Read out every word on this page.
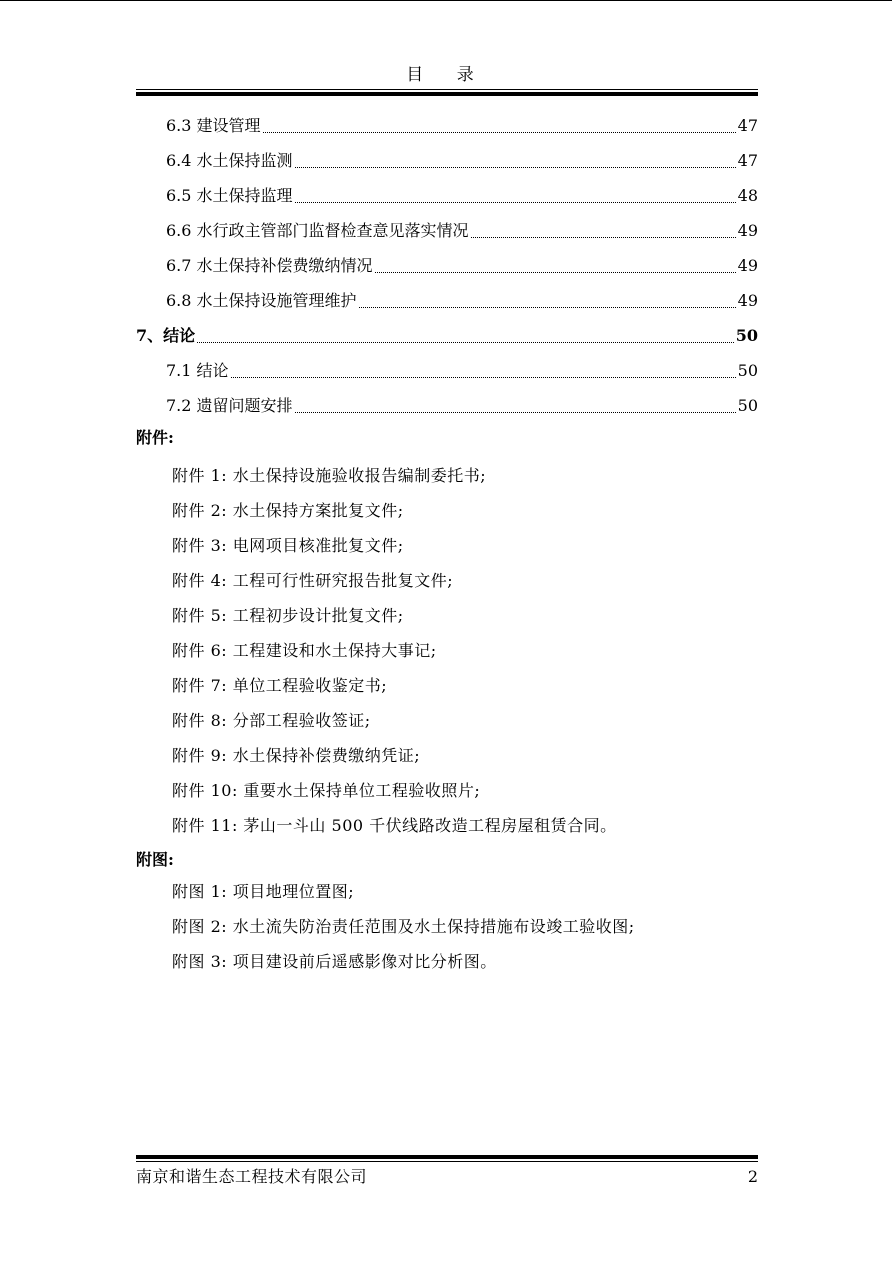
目 录
6.3 建设管理	47
6.4 水土保持监测	47
6.5 水土保持监理	48
6.6 水行政主管部门监督检查意见落实情况	49
6.7 水土保持补偿费缴纳情况	49
6.8 水土保持设施管理维护	49
7、结论	50
7.1 结论	50
7.2 遗留问题安排	50
附件:
附件 1: 水土保持设施验收报告编制委托书;
附件 2: 水土保持方案批复文件;
附件 3: 电网项目核准批复文件;
附件 4: 工程可行性研究报告批复文件;
附件 5: 工程初步设计批复文件;
附件 6: 工程建设和水土保持大事记;
附件 7: 单位工程验收鉴定书;
附件 8: 分部工程验收签证;
附件 9: 水土保持补偿费缴纳凭证;
附件 10: 重要水土保持单位工程验收照片;
附件 11: 茅山一斗山 500 千伏线路改造工程房屋租赁合同。
附图:
附图 1: 项目地理位置图;
附图 2: 水土流失防治责任范围及水土保持措施布设竣工验收图;
附图 3: 项目建设前后遥感影像对比分析图。
南京和谐生态工程技术有限公司	2
